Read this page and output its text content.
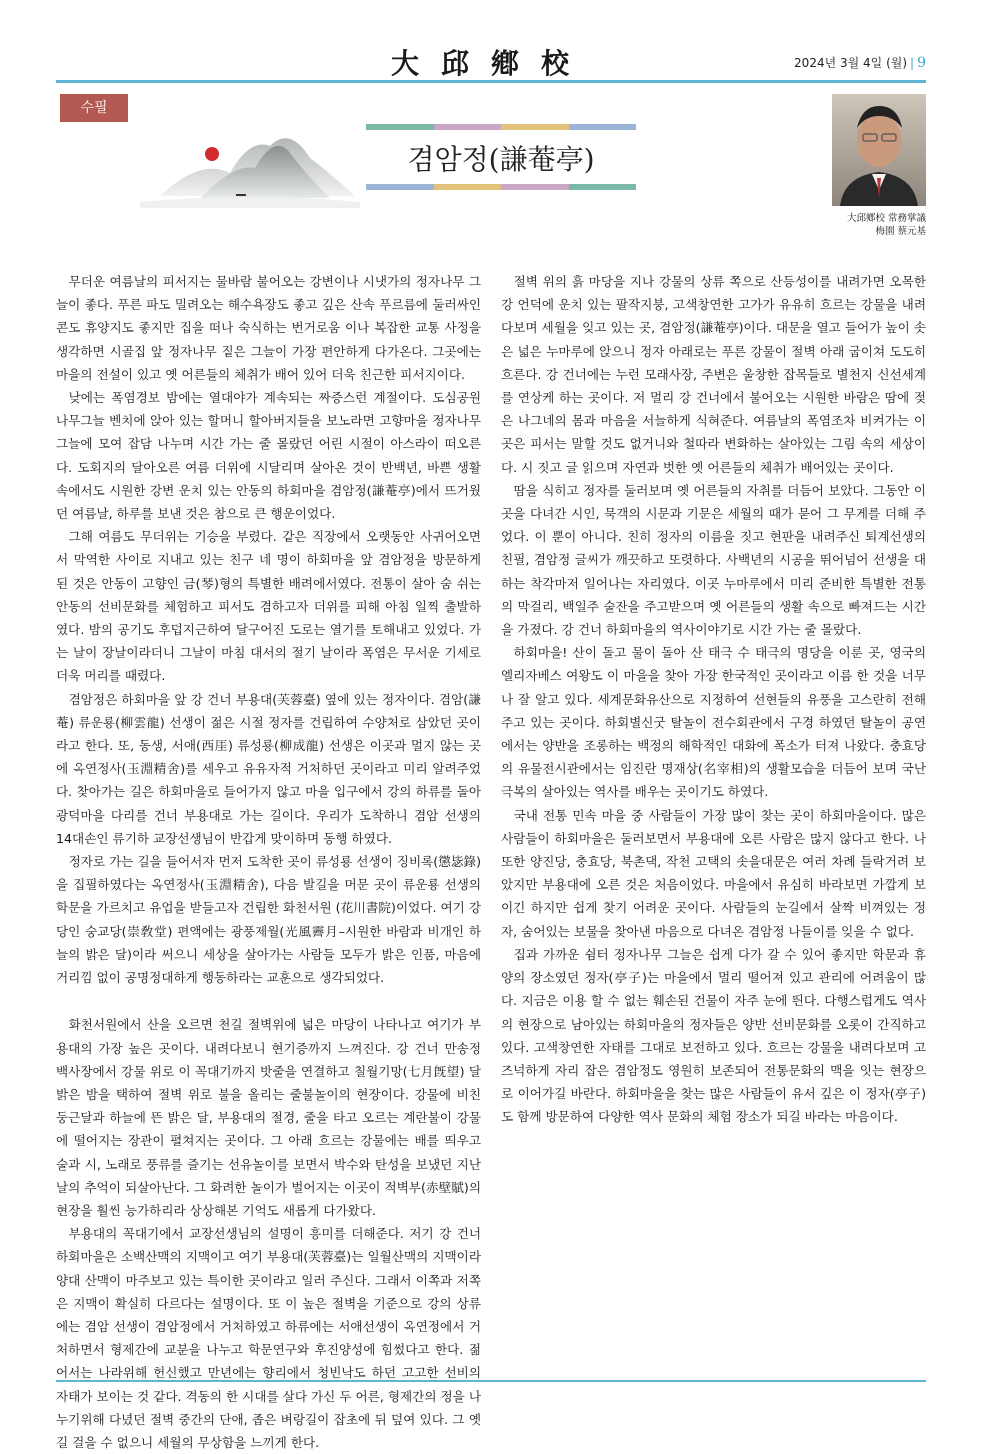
大邱鄕校	2024년 3월 4일 (월) | 9
수필
겸암정(謙菴亭)
大邱鄕校 常務掌議
梅園 蔡元基

무더운 여름날의 피서지는 물바람 불어오는 강변이나 시냇가의 정자나무 그늘이 좋다. 푸른 파도 밀려오는 해수욕장도 좋고 깊은 산속 푸르름에 둘러싸인 콘도 휴양지도 좋지만 집을 떠나 숙식하는 번거로움 이나 복잡한 교통 사정을 생각하면 시골집 앞 정자나무 짙은 그늘이 가장 편안하게 다가온다. 그곳에는 마을의 전설이 있고 옛 어른들의 체취가 배어 있어 더욱 친근한 피서지이다.

낮에는 폭염경보 밤에는 열대야가 계속되는 짜증스런 계절이다. 도심공원 나무그늘 벤치에 앉아 있는 할머니 할아버지들을 보노라면 고향마을 정자나무 그늘에 모여 잡담 나누며 시간 가는 줄 몰랐던 어린 시절이 아스라이 떠오른다. 도회지의 달아오른 여름 더위에 시달리며 살아온 것이 반백년, 바쁜 생활 속에서도 시원한 강변 운치 있는 안동의 하회마을 겸암정(謙菴亭)에서 뜨거웠던 여름날, 하루를 보낸 것은 참으로 큰 행운이었다.

그해 여름도 무더위는 기승을 부렸다. 같은 직장에서 오랫동안 사귀어오면서 막역한 사이로 지내고 있는 친구 네 명이 하회마을 앞 겸암정을 방문하게 된 것은 안동이 고향인 금(琴)형의 특별한 배려에서였다. 전통이 살아 숨 쉬는 안동의 선비문화를 체험하고 피서도 겸하고자 더위를 피해 아침 일찍 출발하였다. 밤의 공기도 후덥지근하여 달구어진 도로는 열기를 토해내고 있었다. 가는 날이 장날이라더니 그날이 마침 대서의 절기 날이라 폭염은 무서운 기세로 더욱 머리를 때렸다.

겸암정은 하회마을 앞 강 건너 부용대(芙蓉臺) 옆에 있는 정자이다. 겸암(謙菴) 류운룡(柳雲龍) 선생이 젊은 시절 정자를 건립하여 수양처로 삼았던 곳이라고 한다. 또, 동생, 서애(西厓) 류성룡(柳成龍) 선생은 이곳과 멀지 않는 곳에 옥연정사(玉淵精舍)를 세우고 유유자적 거처하던 곳이라고 미리 알려주었다. 찾아가는 길은 하회마을로 들어가지 않고 마을 입구에서 강의 하류를 돌아 광덕마을 다리를 건너 부용대로 가는 길이다. 우리가 도착하니 겸암 선생의 14대손인 류기하 교장선생님이 반갑게 맞이하며 동행 하였다.

정자로 가는 길을 들어서자 먼저 도착한 곳이 류성룡 선생이 징비록(懲毖錄)을 집필하였다는 옥연정사(玉淵精舍), 다음 발길을 머문 곳이 류운룡 선생의 학문을 가르치고 유업을 받들고자 건립한 화천서원 (花川書院)이었다. 여기 강당인 숭교당(崇敎堂) 편액에는 광풍제월(光風霽月–시원한 바람과 비개인 하늘의 밝은 달)이라 써으니 세상을 살아가는 사람들 모두가 밝은 인품, 마음에 거리낌 없이 공명정대하게 행동하라는 교훈으로 생각되었다.

화천서원에서 산을 오르면 천길 절벽위에 넓은 마당이 나타나고 여기가 부용대의 가장 높은 곳이다. 내려다보니 현기증까지 느껴진다. 강 건너 만송정 백사장에서 강물 위로 이 꼭대기까지 밧줄을 연결하고 칠월기망(七月旣望) 달 밝은 밤을 택하여 절벽 위로 불을 올리는 줄불놀이의 현장이다. 강물에 비친 둥근달과 하늘에 뜬 밝은 달, 부용대의 절경, 줄을 타고 오르는 계란불이 강물에 떨어지는 장관이 펼쳐지는 곳이다. 그 아래 흐르는 강물에는 배를 띄우고 술과 시, 노래로 풍류를 즐기는 선유놀이를 보면서 박수와 탄성을 보냈던 지난날의 추억이 되살아난다. 그 화려한 놀이가 벌어지는 이곳이 적벽부(赤壁賦)의 현장을 훨씬 능가하리라 상상해본 기억도 새롭게 다가왔다.

부용대의 꼭대기에서 교장선생님의 설명이 흥미를 더해준다. 저기 강 건너 하회마을은 소백산맥의 지맥이고 여기 부용대(芙蓉臺)는 일월산맥의 지맥이라 양대 산맥이 마주보고 있는 특이한 곳이라고 일러 주신다. 그래서 이쪽과 저쪽은 지맥이 확실히 다르다는 설명이다. 또 이 높은 절벽을 기준으로 강의 상류에는 겸암 선생이 겸암정에서 거처하였고 하류에는 서애선생이 옥연정에서 거처하면서 형제간에 교분을 나누고 학문연구와 후진양성에 힘썼다고 한다. 젊어서는 나라위해 헌신했고 만년에는 향리에서 청빈낙도 하던 고고한 선비의 자태가 보이는 것 같다. 격동의 한 시대를 살다 가신 두 어른, 형제간의 정을 나누기위해 다녔던 절벽 중간의 단애, 좁은 벼랑길이 잡초에 뒤 덮여 있다. 그 옛길 걸을 수 없으니 세월의 무상함을 느끼게 한다.

절벽 위의 흙 마당을 지나 강물의 상류 쪽으로 산등성이를 내려가면 오목한 강 언덕에 운치 있는 팔작지붕, 고색창연한 고가가 유유히 흐르는 강물을 내려다보며 세월을 잊고 있는 곳, 겸암정(謙菴亭)이다. 대문을 열고 들어가 높이 솟은 넓은 누마루에 앉으니 정자 아래로는 푸른 강물이 절벽 아래 굽이쳐 도도히 흐른다. 강 건너에는 누런 모래사장, 주변은 울창한 잡목들로 별천지 신선세계를 연상케 하는 곳이다. 저 멀리 강 건너에서 불어오는 시원한 바람은 땀에 젖은 나그네의 몸과 마음을 서늘하게 식혀준다. 여름날의 폭염조차 비켜가는 이곳은 피서는 말할 것도 없거니와 철따라 변화하는 살아있는 그림 속의 세상이다. 시 짓고 글 읽으며 자연과 벗한 옛 어른들의 체취가 배어있는 곳이다.

땀을 식히고 정자를 둘러보며 옛 어른들의 자취를 더듬어 보았다. 그동안 이곳을 다녀간 시인, 묵객의 시문과 기문은 세월의 때가 묻어 그 무게를 더해 주었다. 이 뿐이 아니다. 친히 정자의 이름을 짓고 현판을 내려주신 퇴계선생의 친필, 겸암정 글씨가 깨끗하고 또렷하다. 사백년의 시공을 뛰어넘어 선생을 대하는 착각마저 일어나는 자리였다. 이곳 누마루에서 미리 준비한 특별한 전통의 막걸리, 백일주 술잔을 주고받으며 옛 어른들의 생활 속으로 빠져드는 시간을 가졌다. 강 건너 하회마을의 역사이야기로 시간 가는 줄 몰랐다.

하회마을! 산이 돌고 물이 돌아 산 태극 수 태극의 명당을 이룬 곳, 영국의 엘리자베스 여왕도 이 마을을 찾아 가장 한국적인 곳이라고 이름 한 것을 너무나 잘 알고 있다. 세계문화유산으로 지정하여 선현들의 유풍을 고스란히 전해 주고 있는 곳이다. 하회별신굿 탈놀이 전수회관에서 구경 하였던 탈놀이 공연에서는 양반을 조롱하는 백정의 해학적인 대화에 폭소가 터져 나왔다. 충효당의 유물전시관에서는 임진란 명재상(名宰相)의 생활모습을 더듬어 보며 국난극복의 살아있는 역사를 배우는 곳이기도 하였다.

국내 전통 민속 마을 중 사람들이 가장 많이 찾는 곳이 하회마을이다. 많은 사람들이 하회마을은 둘러보면서 부용대에 오른 사람은 많지 않다고 한다. 나 또한 양진당, 충효당, 북촌댁, 작천 고택의 솟을대문은 여러 차례 들락거려 보았지만 부용대에 오른 것은 처음이었다. 마을에서 유심히 바라보면 가깝게 보이긴 하지만 쉽게 찾기 어려운 곳이다. 사람들의 눈길에서 살짝 비껴있는 정자, 숨어있는 보물을 찾아낸 마음으로 다녀온 겸암정 나들이를 잊을 수 없다.

집과 가까운 쉼터 정자나무 그늘은 쉽게 다가 갈 수 있어 좋지만 학문과 휴양의 장소였던 정자(亭子)는 마을에서 멀리 떨어져 있고 관리에 어려움이 많다. 지금은 이용 할 수 없는 훼손된 건물이 자주 눈에 띈다. 다행스럽게도 역사의 현장으로 남아있는 하회마을의 정자들은 양반 선비문화를 오롯이 간직하고 있다. 고색창연한 자태를 그대로 보전하고 있다. 흐르는 강물을 내려다보며 고즈넉하게 자리 잡은 겸암정도 영원히 보존되어 전통문화의 맥을 잇는 현장으로 이어가길 바란다. 하회마을을 찾는 많은 사람들이 유서 깊은 이 정자(亭子)도 함께 방문하여 다양한 역사 문화의 체험 장소가 되길 바라는 마음이다.
